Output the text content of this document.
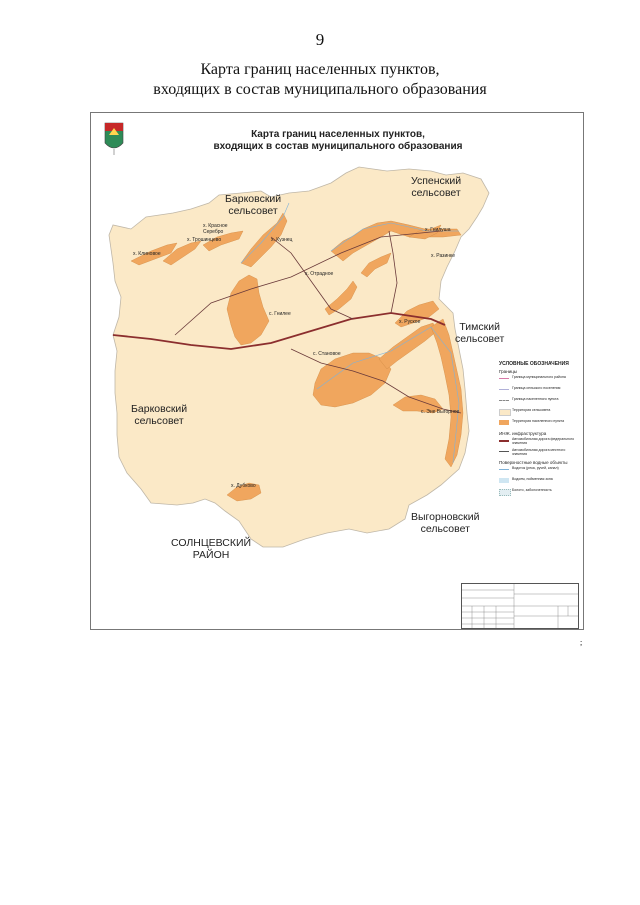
9
Карта границ населенных пунктов,
входящих в состав муниципального образования
Карта границ населенных пунктов,
входящих в состав муниципального образования
Барковский
сельсовет
Успенский
сельсовет
Тимский
сельсовет
Барковский
сельсовет
Выгорновский
сельсовет
СОЛНЦЕВСКИЙ
РАЙОН
х. Красное
Серебро
х. Трошинцево	х. Кузнец
х. Клиновое
х. Отрадное
х. Гнилуша
х. Разинке
с. Гнилее
х. Руское
с. Становое
с. Эне Выгорное
х. Дубково
УСЛОВНЫЕ ОБОЗНАЧЕНИЯ
Границы
Граница муниципального района
Граница сельского поселения
Граница населенного пункта
Территория сельсовета
Территория населенного пункта
ИНЖ. инфраструктура
Автомобильная дорога федерального значения
Автомобильная дорога местного значения
Поверхностные водные объекты
Водоток (река, ручей, канал)
Водоем, пойменная зона
Болото, заболоченность
;
